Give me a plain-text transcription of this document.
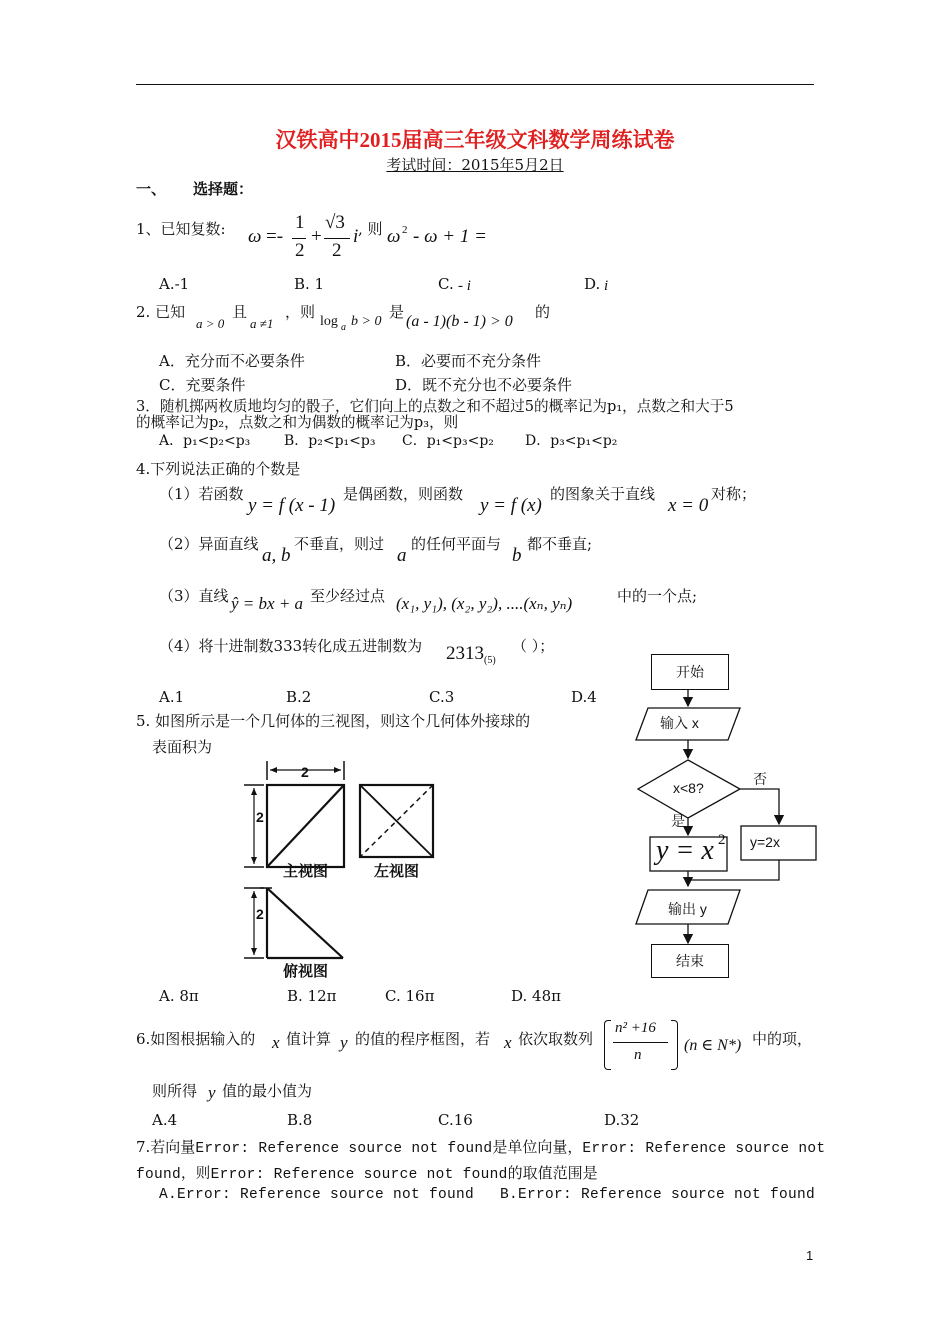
汉铁高中2015届高三年级文科数学周练试卷
考试时间：2015年5月2日
一、 选择题：
1、已知复数: ω =-
1
2
+
√3
2
i , 则 ω 2 - ω + 1 =
A.-1	B. 1	C. - i	D. i
2. 已知
a > 0
且
a ≠1
，则
log a b > 0
是
(a - 1)(b - 1) > 0
的
A．充分而不必要条件	B．必要而不充分条件
C．充要条件	D．既不充分也不必要条件
3．随机掷两枚质地均匀的骰子，它们向上的点数之和不超过5的概率记为p₁，点数之和大于5
的概率记为p₂，点数之和为偶数的概率记为p₃，则
A．p₁<p₂<p₃ B．p₂<p₁<p₃ C．p₁<p₃<p₂ D．p₃<p₁<p₂
4.下列说法正确的个数是
（1）若函数
y = f (x - 1)
是偶函数，则函数
y = f (x)
的图象关于直线
x = 0
对称；
（2）异面直线
a, b
不垂直，则过
a
的任何平面与
b
都不垂直;
（3）直线 ŷ = bx + a 至少经过点 (x₁, y₁), (x₂, y₂), ....(xₙ, yₙ)	中的一个点;
（4）将十进制数333转化成五进制数为 2313 (5)
（ ）；
A.1	B.2	C.3	D.4
5. 如图所示是一个几何体的三视图，则这个几何体外接球的
表面积为
2
2
2
主视图	左视图
俯视图
A. 8π	B. 12π	C. 16π	D. 48π
开始
输入 x
x<8?
否
是
y = x 2 y=2x
输出 y
结束
6.如图根据输入的 x 值计算 y 的值的程序框图，若 x 依次取数列
n² +16
n
(n ∈ N*) 中的项，
则所得 y 值的最小值为
A.4	B.8	C.16	D.32
7.若向量Error: Reference source not found是单位向量，Error: Reference source not
found，则Error: Reference source not found的取值范围是
A.Error: Reference source not found B.Error: Reference source not found
1
